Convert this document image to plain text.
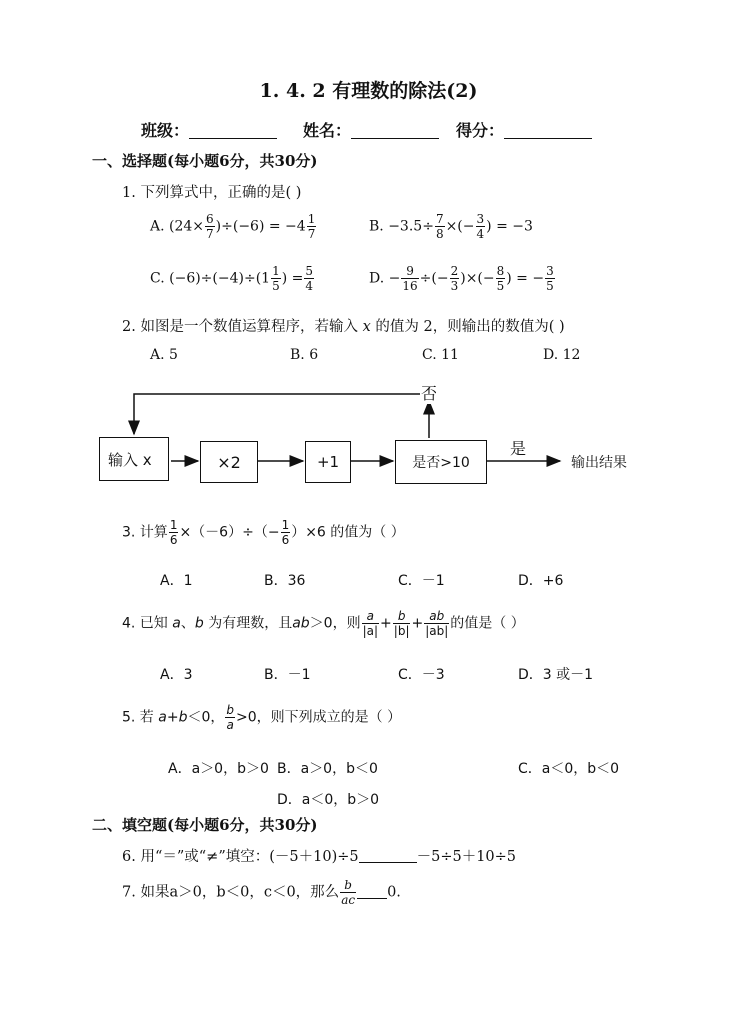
1. 4. 2 有理数的除法(2)
班级：	姓名：	得分：
一、选择题(每小题6分，共30分)
1. 下列算式中，正确的是( )
A. $(24\times \frac{6}{7} )\div(-6) = -4 \frac{1}{7}$	B. $-3.5\div \frac{7}{8}$ ×(− $\frac{3}{4}$ ) = −3
C. $(-6)\div(-4)\div(1 \frac{1}{5}$ ) = $\frac{5}{4}$	D. − $\frac{9}{16}$ ÷(− $\frac{2}{3}$ )×(− $\frac{8}{5}$ ) = − $\frac{3}{5}$
2. 如图是一个数值运算程序，若输入 x 的值为 2，则输出的数值为( )
A. 5	B. 6	C. 11	D. 12
输入 x	×2	+1	是否>10
否
是
输出结果
3. 计算 $\frac{1}{6} \times(-6)\div(- \frac{1}{6} )\times 6$ 的值为（ ）
A．1	B．36	C．－1	D．+6
4. 已知 a、b 为有理数，且ab＞0，则 $\frac{a}{|a|} + \frac{b}{|b|} + \frac{ab}{|ab|}$ 的值是（ ）
A．3	B．－1	C．－3	D．3 或－1
5. 若 a+b＜0， $\frac{b}{a} >0$，则下列成立的是（ ）
A．a＞0，b＞0 B．a＞0，b＜0	C．a＜0，b＜0
D．a＜0，b＞0
二、填空题(每小题6分，共30分)
6. 用“＝”或“≠”填空：(－5＋10)÷5	－5÷5＋10÷5
7. 如果a＞0，b＜0，c＜0，那么 $\frac{b}{ac} 0$.
